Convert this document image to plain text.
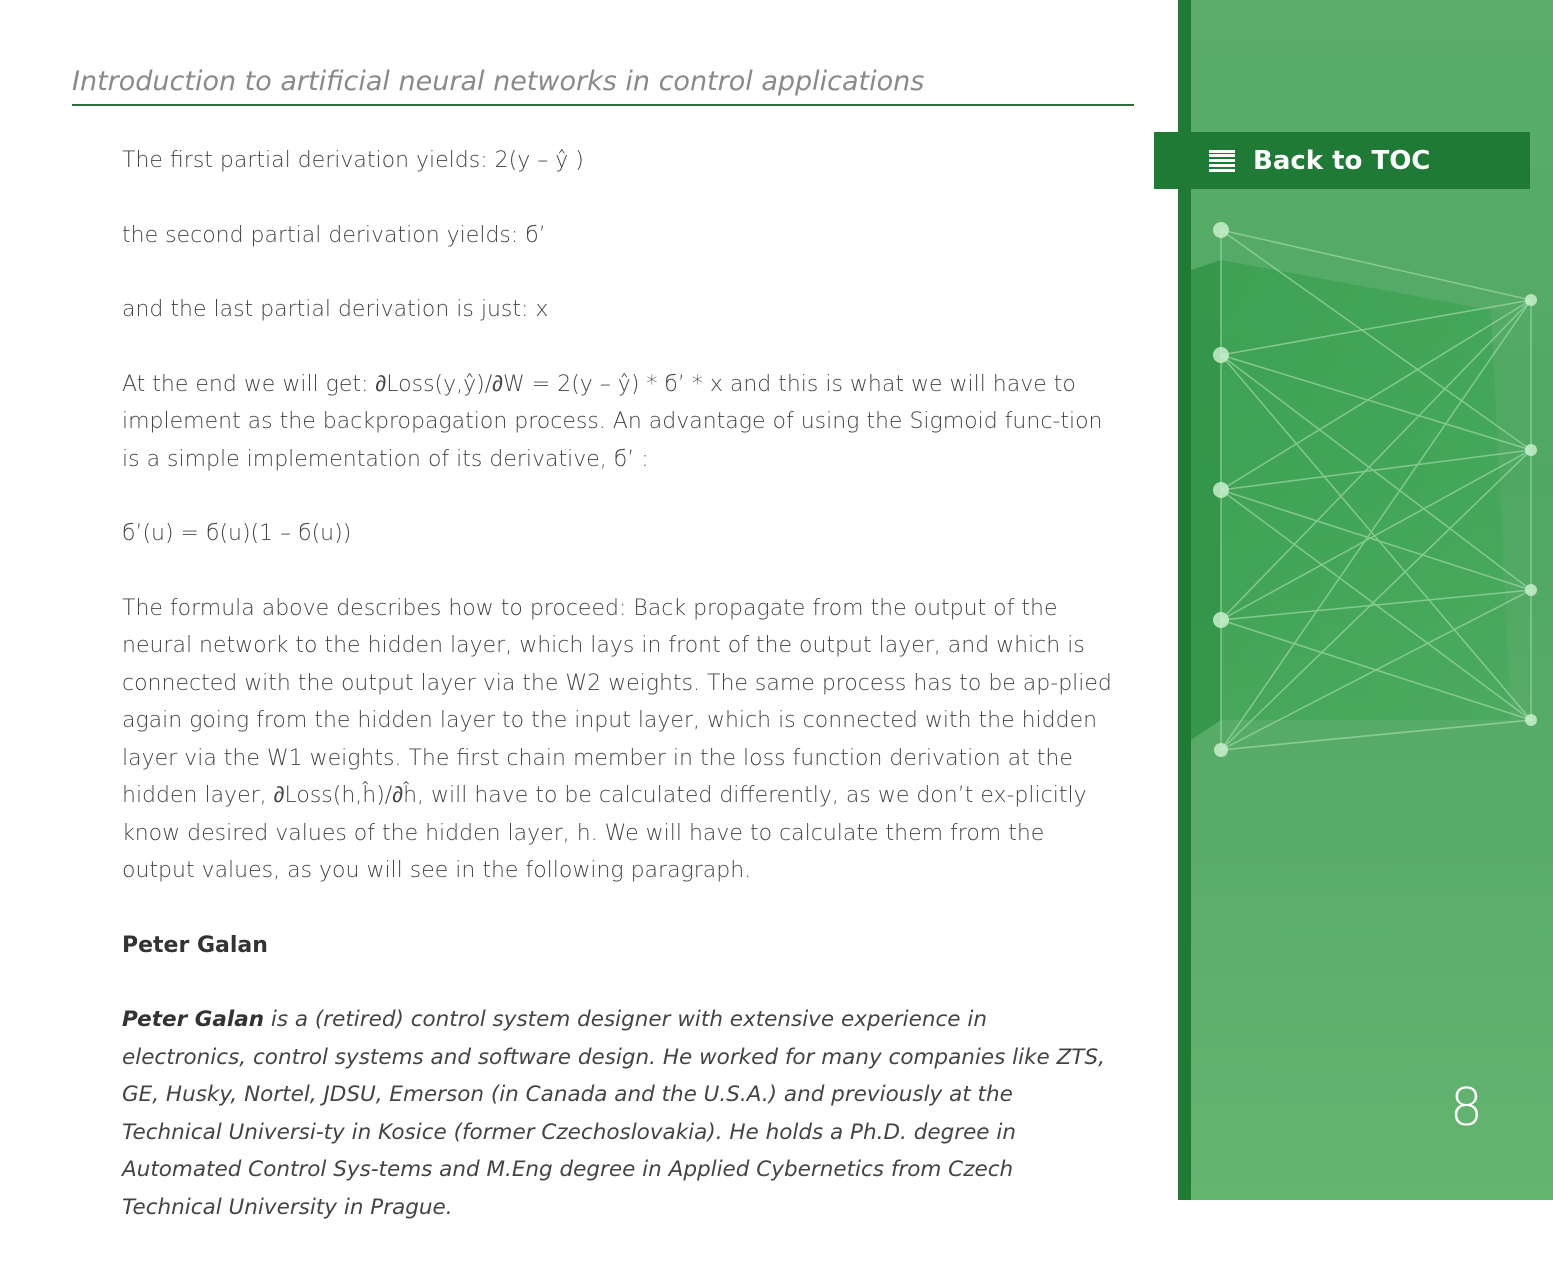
Introduction to artificial neural networks in control applications

The first partial derivation yields: 2(y – ŷ )

the second partial derivation yields: б’

and the last partial derivation is just: x

At the end we will get: ∂Loss(y,ŷ)/∂W = 2(y – ŷ) * б’ * x and this is what we will have to implement as the backpropagation process. An advantage of using the Sigmoid func-tion is a simple implementation of its derivative, б’ :

б’(u) = б(u)(1 – б(u))

The formula above describes how to proceed: Back propagate from the output of the neural network to the hidden layer, which lays in front of the output layer, and which is connected with the output layer via the W2 weights. The same process has to be ap-plied again going from the hidden layer to the input layer, which is connected with the hidden layer via the W1 weights. The first chain member in the loss function derivation at the hidden layer, ∂Loss(h,ĥ)/∂ĥ, will have to be calculated differently, as we don’t ex-plicitly know desired values of the hidden layer, h. We will have to calculate them from the output values, as you will see in the following paragraph.

Peter Galan

Peter Galan is a (retired) control system designer with extensive experience in electronics, control systems and software design. He worked for many companies like ZTS, GE, Husky, Nortel, JDSU, Emerson (in Canada and the U.S.A.) and previously at the Technical Universi-ty in Kosice (former Czechoslovakia). He holds a Ph.D. degree in Automated Control Sys-tems and M.Eng degree in Applied Cybernetics from Czech Technical University in Prague.

Back to TOC
8
